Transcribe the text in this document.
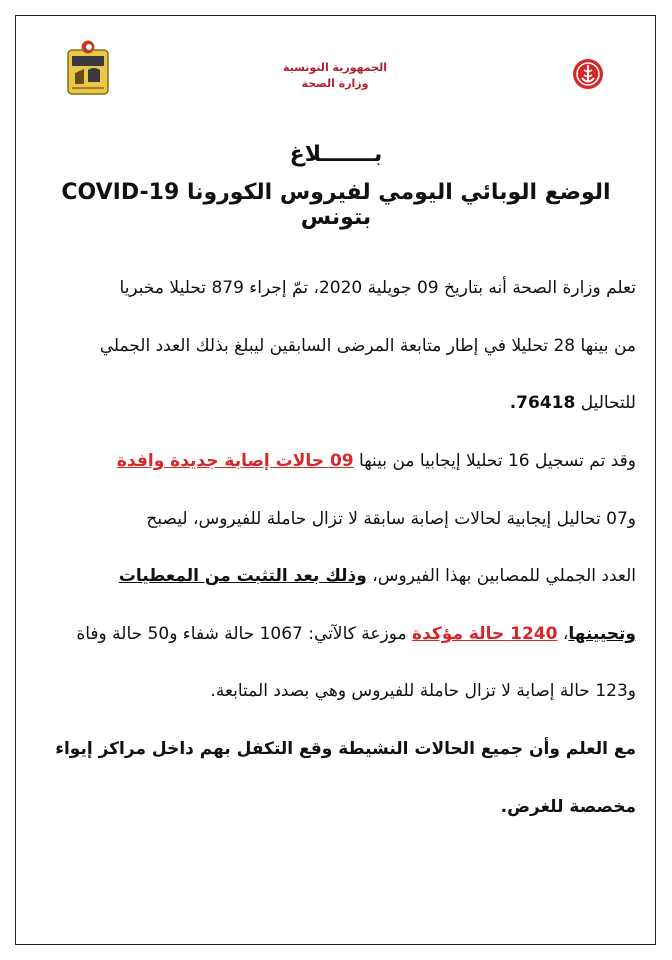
الجمهورية التونسية
وزارة الصحة
بـــــــلاغ
الوضع الوبائي اليومي لفيروس الكورونا COVID-19 بتونس
تعلم وزارة الصحة أنه بتاريخ 09 جويلية 2020، تمّ إجراء 879 تحليلا مخبريا
من بينها 28 تحليلا في إطار متابعة المرضى السابقين ليبلغ بذلك العدد الجملي
للتحاليل 76418.
وقد تم تسجيل 16 تحليلا إيجابيا من بينها 09 حالات إصابة جديدة وافدة
و07 تحاليل إيجابية لحالات إصابة سابقة لا تزال حاملة للفيروس، ليصبح
العدد الجملي للمصابين بهذا الفيروس، وذلك بعد التثبت من المعطيات
وتحيينها، 1240 حالة مؤكدة موزعة كالآتي: 1067 حالة شفاء و50 حالة وفاة
و123 حالة إصابة لا تزال حاملة للفيروس وهي بصدد المتابعة.
مع العلم وأن جميع الحالات النشيطة وقع التكفل بهم داخل مراكز إيواء
مخصصة للغرض.
